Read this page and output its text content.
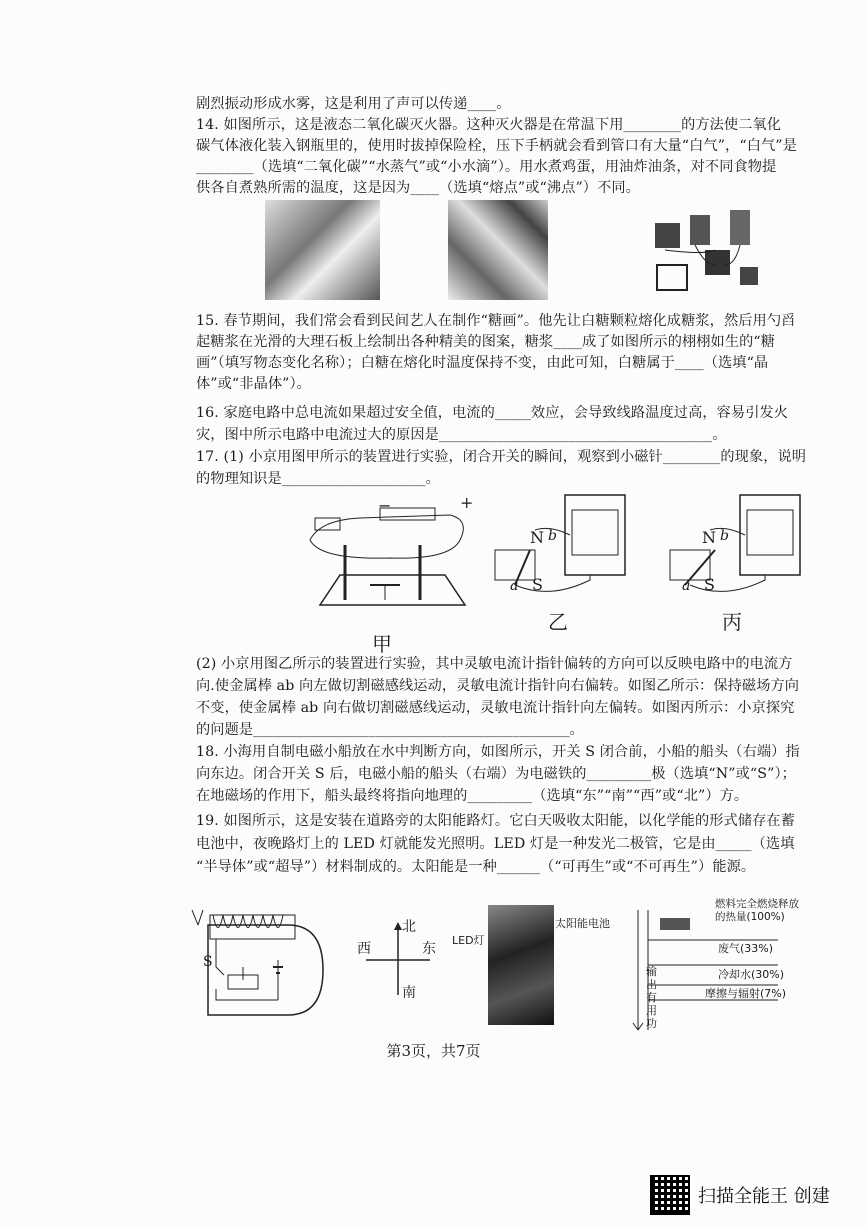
剧烈振动形成水雾，这是利用了声可以传递____。
14. 如图所示，这是液态二氧化碳灭火器。这种灭火器是在常温下用________的方法使二氧化
碳气体液化装入钢瓶里的，使用时拔掉保险栓，压下手柄就会看到管口有大量“白气”，“白气”是
________（选填“二氧化碳”“水蒸气”或“小水滴”）。用水煮鸡蛋，用油炸油条，对不同食物提
供各自煮熟所需的温度，这是因为____（选填“熔点”或“沸点”）不同。
15. 春节期间，我们常会看到民间艺人在制作“糖画”。他先让白糖颗粒熔化成糖浆，然后用勺舀
起糖浆在光滑的大理石板上绘制出各种精美的图案，糖浆____成了如图所示的栩栩如生的“糖
画”（填写物态变化名称）；白糖在熔化时温度保持不变，由此可知，白糖属于____（选填“晶
体”或“非晶体”）。
16. 家庭电路中总电流如果超过安全值，电流的_____效应，会导致线路温度过高，容易引发火
灾，图中所示电路中电流过大的原因是______________________________________。
17. (1) 小京用图甲所示的装置进行实验，闭合开关的瞬间，观察到小磁针________的现象，说明
的物理知识是____________________。
−	+
甲
N
S
a
b
乙
N
S
a
b
丙
(2) 小京用图乙所示的装置进行实验，其中灵敏电流计指针偏转的方向可以反映电路中的电流方
向.使金属棒 ab 向左做切割磁感线运动，灵敏电流计指针向右偏转。如图乙所示：保持磁场方向
不变，使金属棒 ab 向右做切割磁感线运动，灵敏电流计指针向左偏转。如图丙所示：小京探究
的问题是____________________________________________。
18. 小海用自制电磁小船放在水中判断方向，如图所示，开关 S 闭合前，小船的船头（右端）指
向东边。闭合开关 S 后，电磁小船的船头（右端）为电磁铁的_________极（选填“N”或“S”）；
在地磁场的作用下，船头最终将指向地理的_________（选填“东”“南”“西”或“北”）方。
19. 如图所示，这是安装在道路旁的太阳能路灯。它白天吸收太阳能，以化学能的形式储存在蓄
电池中，夜晚路灯上的 LED 灯就能发光照明。LED 灯是一种发光二极管，它是由_____（选填
“半导体”或“超导”）材料制成的。太阳能是一种______（“可再生”或“不可再生”）能源。
S
北
南
东
西
LED灯
太阳能电池
燃料完全燃烧释放的热量(100%)
废气(33%)
冷却水(30%)
摩擦与辐射(7%)
输出有用功
第3页，共7页
扫描全能王 创建
